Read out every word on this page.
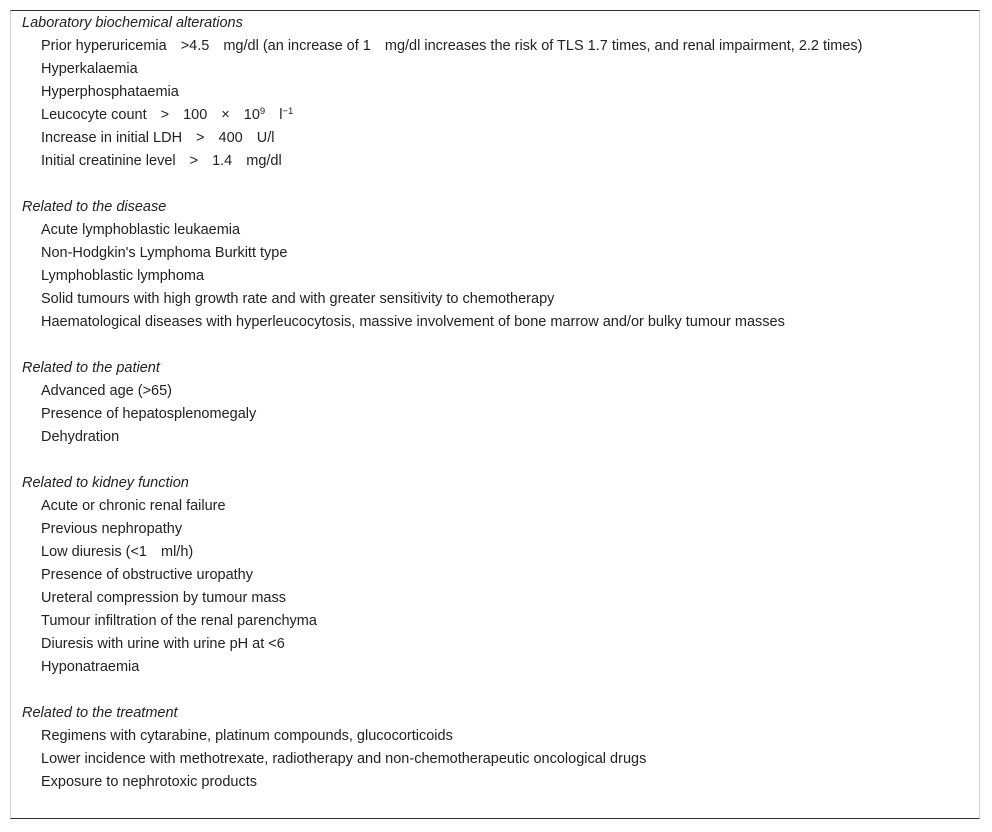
Laboratory biochemical alterations
Prior hyperuricemia >4.5 mg/dl (an increase of 1 mg/dl increases the risk of TLS 1.7 times, and renal impairment, 2.2 times)
Hyperkalaemia
Hyperphosphataemia
Leucocyte count > $100 \times 10^9$ $l^{-1}$
Increase in initial LDH > 400 U/l
Initial creatinine level > 1.4 mg/dl
Related to the disease
Acute lymphoblastic leukaemia
Non-Hodgkin's Lymphoma Burkitt type
Lymphoblastic lymphoma
Solid tumours with high growth rate and with greater sensitivity to chemotherapy
Haematological diseases with hyperleucocytosis, massive involvement of bone marrow and/or bulky tumour masses
Related to the patient
Advanced age (>65)
Presence of hepatosplenomegaly
Dehydration
Related to kidney function
Acute or chronic renal failure
Previous nephropathy
Low diuresis (<1 ml/h)
Presence of obstructive uropathy
Ureteral compression by tumour mass
Tumour infiltration of the renal parenchyma
Diuresis with urine with urine pH at <6
Hyponatraemia
Related to the treatment
Regimens with cytarabine, platinum compounds, glucocorticoids
Lower incidence with methotrexate, radiotherapy and non-chemotherapeutic oncological drugs
Exposure to nephrotoxic products
